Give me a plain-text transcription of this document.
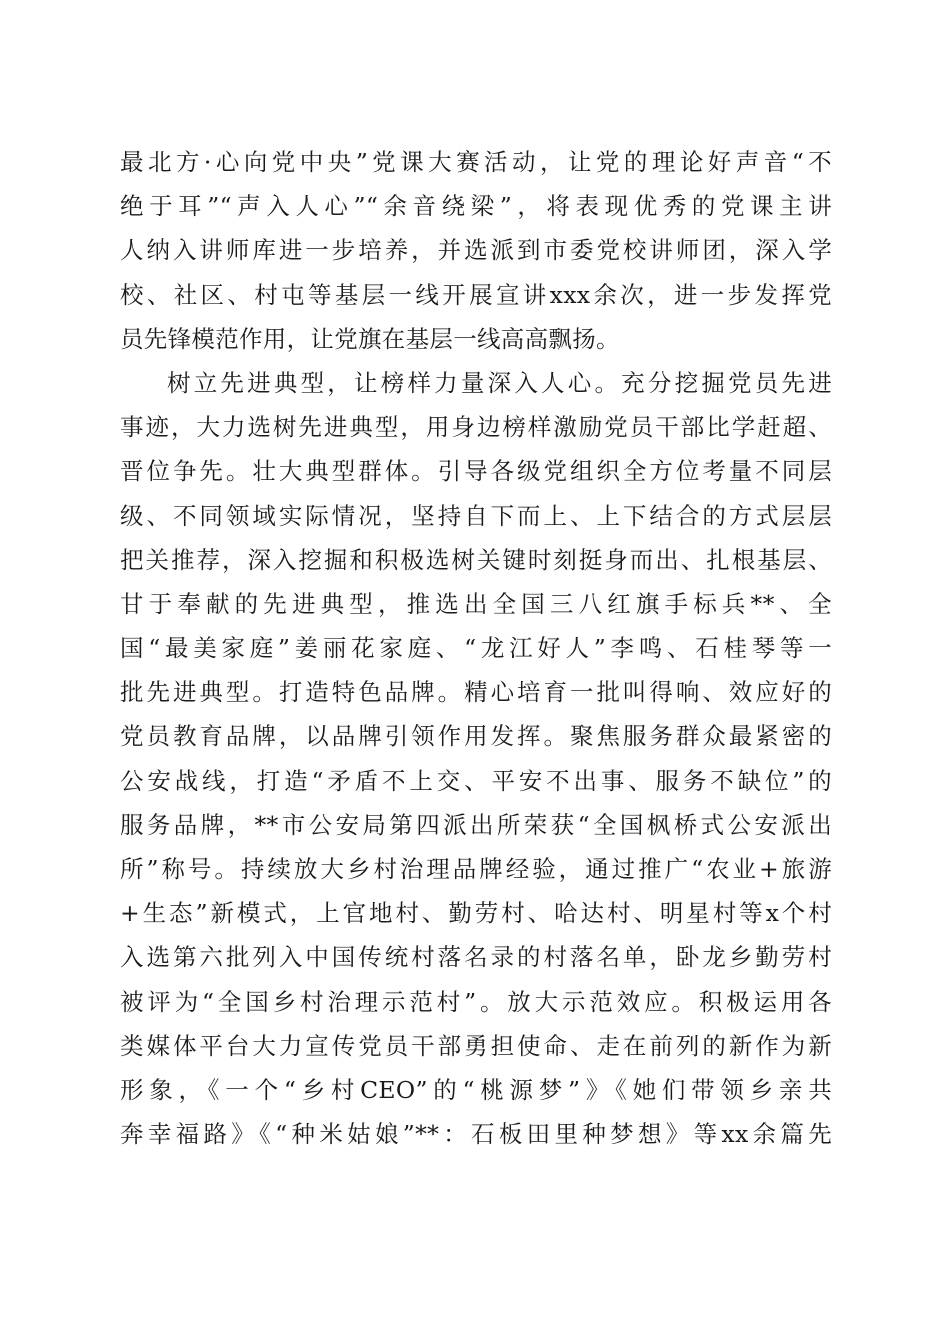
最北方·心向党中央”党课大赛活动，让党的理论好声音“不
绝于耳”“声入人心”“余音绕梁”，将表现优秀的党课主讲
人纳入讲师库进一步培养，并选派到市委党校讲师团，深入学
校、社区、村屯等基层一线开展宣讲xxx余次，进一步发挥党
员先锋模范作用，让党旗在基层一线高高飘扬。
树立先进典型，让榜样力量深入人心。充分挖掘党员先进
事迹，大力选树先进典型，用身边榜样激励党员干部比学赶超、
晋位争先。壮大典型群体。引导各级党组织全方位考量不同层
级、不同领域实际情况，坚持自下而上、上下结合的方式层层
把关推荐，深入挖掘和积极选树关键时刻挺身而出、扎根基层、
甘于奉献的先进典型，推选出全国三八红旗手标兵**、全
国“最美家庭”姜丽花家庭、“龙江好人”李鸣、石桂琴等一
批先进典型。打造特色品牌。精心培育一批叫得响、效应好的
党员教育品牌，以品牌引领作用发挥。聚焦服务群众最紧密的
公安战线，打造“矛盾不上交、平安不出事、服务不缺位”的
服务品牌，**市公安局第四派出所荣获“全国枫桥式公安派出
所”称号。持续放大乡村治理品牌经验，通过推广“农业+旅游
+生态”新模式，上官地村、勤劳村、哈达村、明星村等x个村
入选第六批列入中国传统村落名录的村落名单，卧龙乡勤劳村
被评为“全国乡村治理示范村”。放大示范效应。积极运用各
类媒体平台大力宣传党员干部勇担使命、走在前列的新作为新
形象，《一个“乡村CEO”的“桃源梦”》《她们带领乡亲共
奔幸福路》《“种米姑娘”**：石板田里种梦想》等xx余篇先
